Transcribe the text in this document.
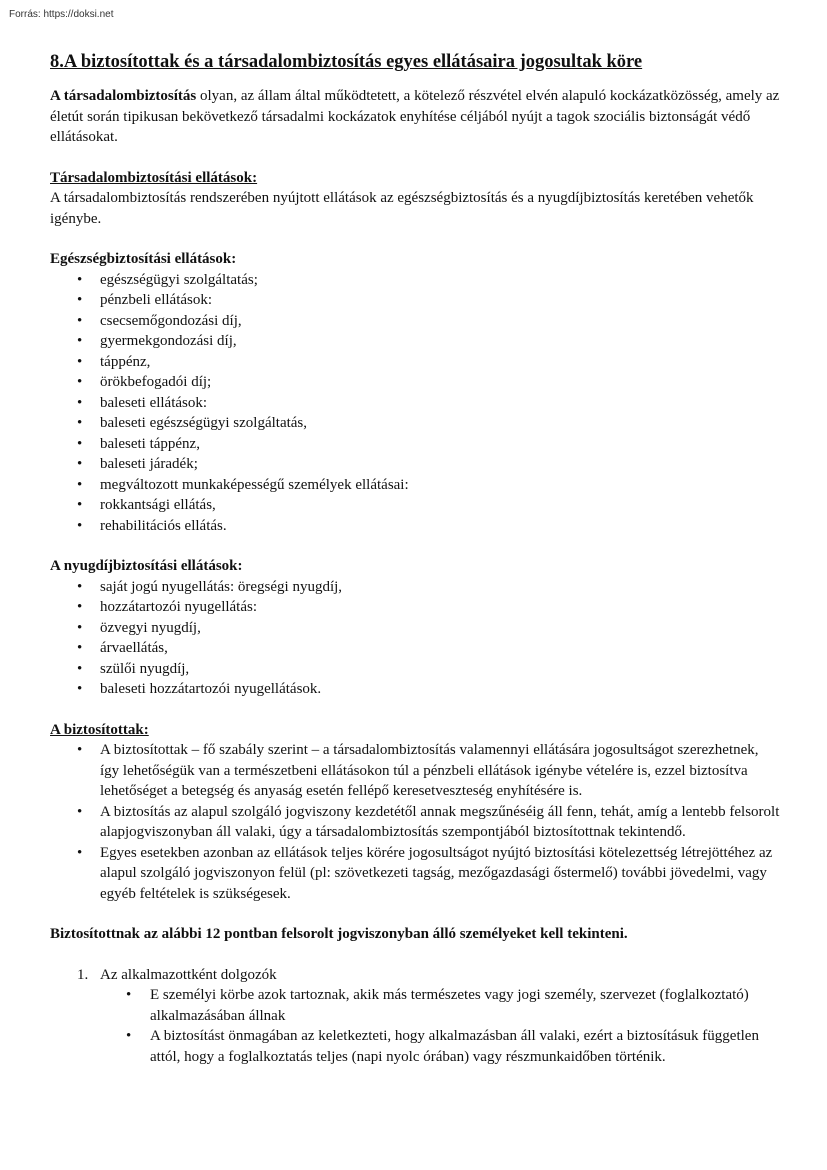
Forrás: https://doksi.net
8.A biztosítottak és a társadalombiztosítás egyes ellátásaira jogosultak köre

A társadalombiztosítás olyan, az állam által működtetett, a kötelező részvétel elvén alapuló kockázatközösség, amely az életút során tipikusan bekövetkező társadalmi kockázatok enyhítése céljából nyújt a tagok szociális biztonságát védő ellátásokat.

Társadalombiztosítási ellátások:

A társadalombiztosítás rendszerében nyújtott ellátások az egészségbiztosítás és a nyugdíjbiztosítás keretében vehetők igénybe.

Egészségbiztosítási ellátások:
• egészségügyi szolgáltatás;
• pénzbeli ellátások:
• csecsemőgondozási díj,
• gyermekgondozási díj,
• táppénz,
• örökbefogadói díj;
• baleseti ellátások:
• baleseti egészségügyi szolgáltatás,
• baleseti táppénz,
• baleseti járadék;
• megváltozott munkaképességű személyek ellátásai:
• rokkantsági ellátás,
• rehabilitációs ellátás.
A nyugdíjbiztosítási ellátások:
• saját jogú nyugellátás: öregségi nyugdíj,
• hozzátartozói nyugellátás:
• özvegyi nyugdíj,
• árvaellátás,
• szülői nyugdíj,
• baleseti hozzátartozói nyugellátások.
A biztosítottak:
• A biztosítottak – fő szabály szerint – a társadalombiztosítás valamennyi ellátására jogosultságot szerezhetnek, így lehetőségük van a természetbeni ellátásokon túl a pénzbeli ellátások igénybe vételére is, ezzel biztosítva lehetőséget a betegség és anyaság esetén fellépő keresetveszteség enyhítésére is.
• A biztosítás az alapul szolgáló jogviszony kezdetétől annak megszűnéséig áll fenn, tehát, amíg a lentebb felsorolt alapjogviszonyban áll valaki, úgy a társadalombiztosítás szempontjából biztosítottnak tekintendő.
• Egyes esetekben azonban az ellátások teljes körére jogosultságot nyújtó biztosítási kötelezettség létrejöttéhez az alapul szolgáló jogviszonyon felül (pl: szövetkezeti tagság, mezőgazdasági őstermelő) további jövedelmi, vagy egyéb feltételek is szükségesek.
Biztosítottnak az alábbi 12 pontban felsorolt jogviszonyban álló személyeket kell tekinteni.
1. Az alkalmazottként dolgozók
• E személyi körbe azok tartoznak, akik más természetes vagy jogi személy, szervezet (foglalkoztató) alkalmazásában állnak
• A biztosítást önmagában az keletkezteti, hogy alkalmazásban áll valaki, ezért a biztosításuk független attól, hogy a foglalkoztatás teljes (napi nyolc órában) vagy részmunkaidőben történik.
